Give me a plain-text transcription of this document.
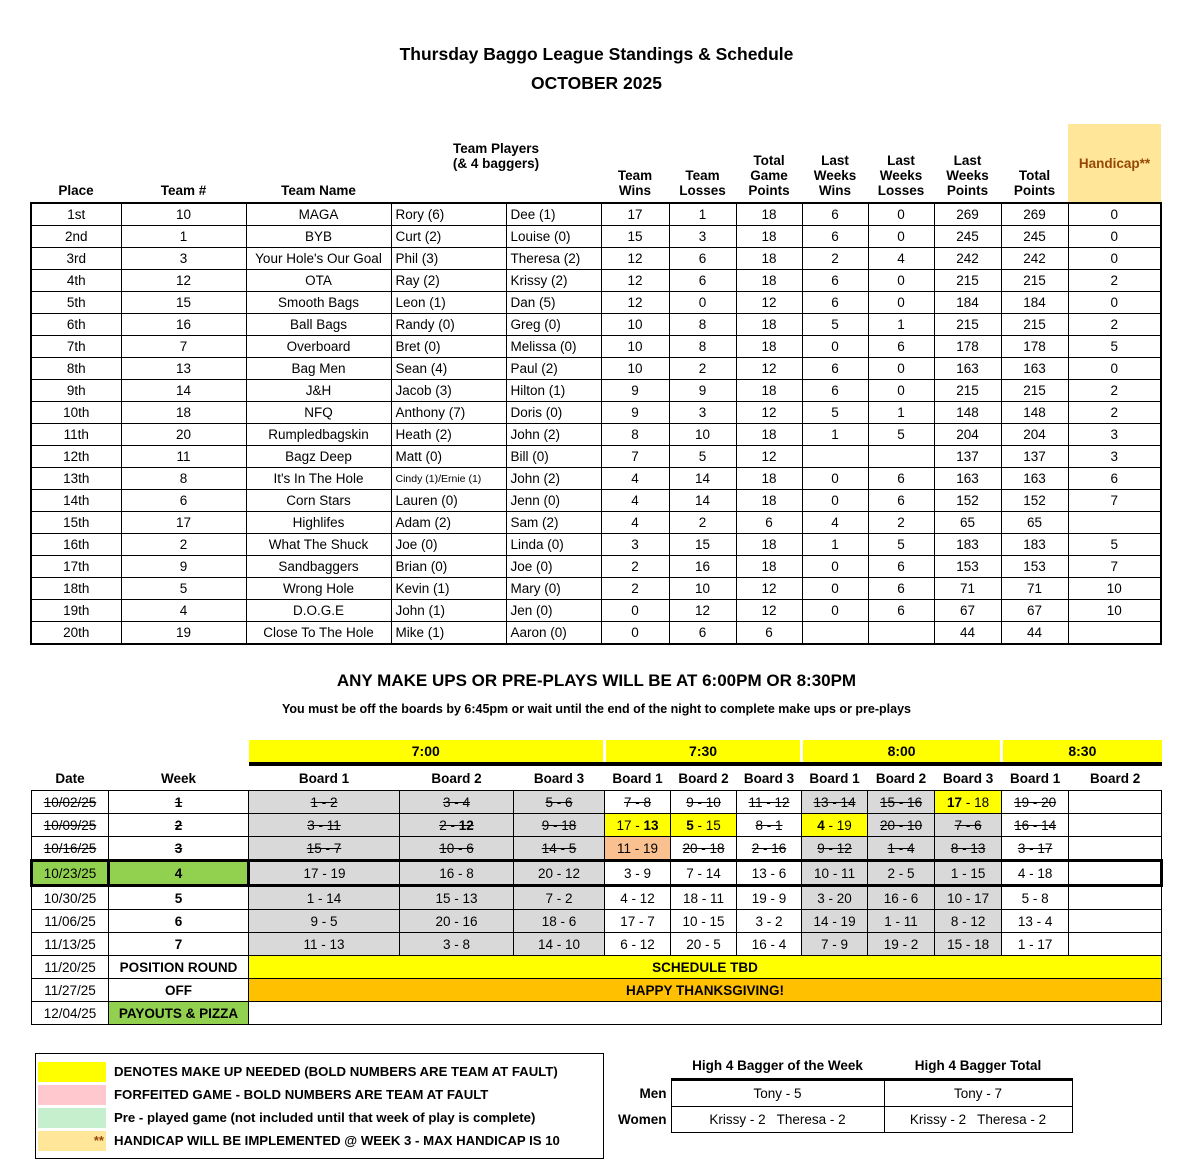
Thursday Baggo League Standings & Schedule
OCTOBER 2025
Place	Team #	Team Name	Team Players
(& 4 baggers)		Team Wins	Team Losses	Total Game Points	Last Weeks Wins	Last Weeks Losses	Last Weeks Points	Total Points	Handicap**
1st	10	MAGA	Rory (6)	Dee (1)	17	1	18	6	0	269	269	0
2nd	1	BYB	Curt (2)	Louise (0)	15	3	18	6	0	245	245	0
3rd	3	Your Hole's Our Goal	Phil (3)	Theresa (2)	12	6	18	2	4	242	242	0
4th	12	OTA	Ray (2)	Krissy (2)	12	6	18	6	0	215	215	2
5th	15	Smooth Bags	Leon (1)	Dan (5)	12	0	12	6	0	184	184	0
6th	16	Ball Bags	Randy (0)	Greg (0)	10	8	18	5	1	215	215	2
7th	7	Overboard	Bret (0)	Melissa (0)	10	8	18	0	6	178	178	5
8th	13	Bag Men	Sean (4)	Paul (2)	10	2	12	6	0	163	163	0
9th	14	J&H	Jacob (3)	Hilton (1)	9	9	18	6	0	215	215	2
10th	18	NFQ	Anthony (7)	Doris (0)	9	3	12	5	1	148	148	2
11th	20	Rumpledbagskin	Heath (2)	John (2)	8	10	18	1	5	204	204	3
12th	11	Bagz Deep	Matt (0)	Bill (0)	7	5	12			137	137	3
13th	8	It's In The Hole	Cindy (1)/Ernie (1)	John (2)	4	14	18	0	6	163	163	6
14th	6	Corn Stars	Lauren (0)	Jenn (0)	4	14	18	0	6	152	152	7
15th	17	Highlifes	Adam (2)	Sam (2)	4	2	6	4	2	65	65	
16th	2	What The Shuck	Joe (0)	Linda (0)	3	15	18	1	5	183	183	5
17th	9	Sandbaggers	Brian (0)	Joe (0)	2	16	18	0	6	153	153	7
18th	5	Wrong Hole	Kevin (1)	Mary (0)	2	10	12	0	6	71	71	10
19th	4	D.O.G.E	John (1)	Jen (0)	0	12	12	0	6	67	67	10
20th	19	Close To The Hole	Mike (1)	Aaron (0)	0	6	6			44	44	
ANY MAKE UPS OR PRE-PLAYS WILL BE AT 6:00PM OR 8:30PM
You must be off the boards by 6:45pm or wait until the end of the night to complete make ups or pre-plays
		7:00			7:30			8:00			8:30	

Date	Week	Board 1	Board 2	Board 3	Board 1	Board 2	Board 3	Board 1	Board 2	Board 3	Board 1	Board 2
10/02/25	1	1 - 2	3 - 4	5 - 6	7 - 8	9 - 10	11 - 12	13 - 14	15 - 16	17 - 18	19 - 20	
10/09/25	2	3 - 11	2 - 12	9 - 18	17 - 13	5 - 15	8 - 1	4 - 19	20 - 10	7 - 6	16 - 14	
10/16/25	3	15 - 7	10 - 6	14 - 5	11 - 19	20 - 18	2 - 16	9 - 12	1 - 4	8 - 13	3 - 17	
10/23/25	4	17 - 19	16 - 8	20 - 12	3 - 9	7 - 14	13 - 6	10 - 11	2 - 5	1 - 15	4 - 18	
10/30/25	5	1 - 14	15 - 13	7 - 2	4 - 12	18 - 11	19 - 9	3 - 20	16 - 6	10 - 17	5 - 8	
11/06/25	6	9 - 5	20 - 16	18 - 6	17 - 7	10 - 15	3 - 2	14 - 19	1 - 11	8 - 12	13 - 4	
11/13/25	7	11 - 13	3 - 8	14 - 10	6 - 12	20 - 5	16 - 4	7 - 9	19 - 2	15 - 18	1 - 17	
11/20/25	POSITION ROUND	SCHEDULE TBD										
11/27/25	OFF	HAPPY THANKSGIVING!										
12/04/25	PAYOUTS & PIZZA											
DENOTES MAKE UP NEEDED (BOLD NUMBERS ARE TEAM AT FAULT)
FORFEITED GAME - BOLD NUMBERS ARE TEAM AT FAULT
Pre - played game (not included until that week of play is complete)
** HANDICAP WILL BE IMPLEMENTED @ WEEK 3 - MAX HANDICAP IS 10
	High 4 Bagger of the Week	High 4 Bagger Total
Men	Tony - 5	Tony - 7
Women	Krissy - 2   Theresa - 2	Krissy - 2   Theresa - 2
